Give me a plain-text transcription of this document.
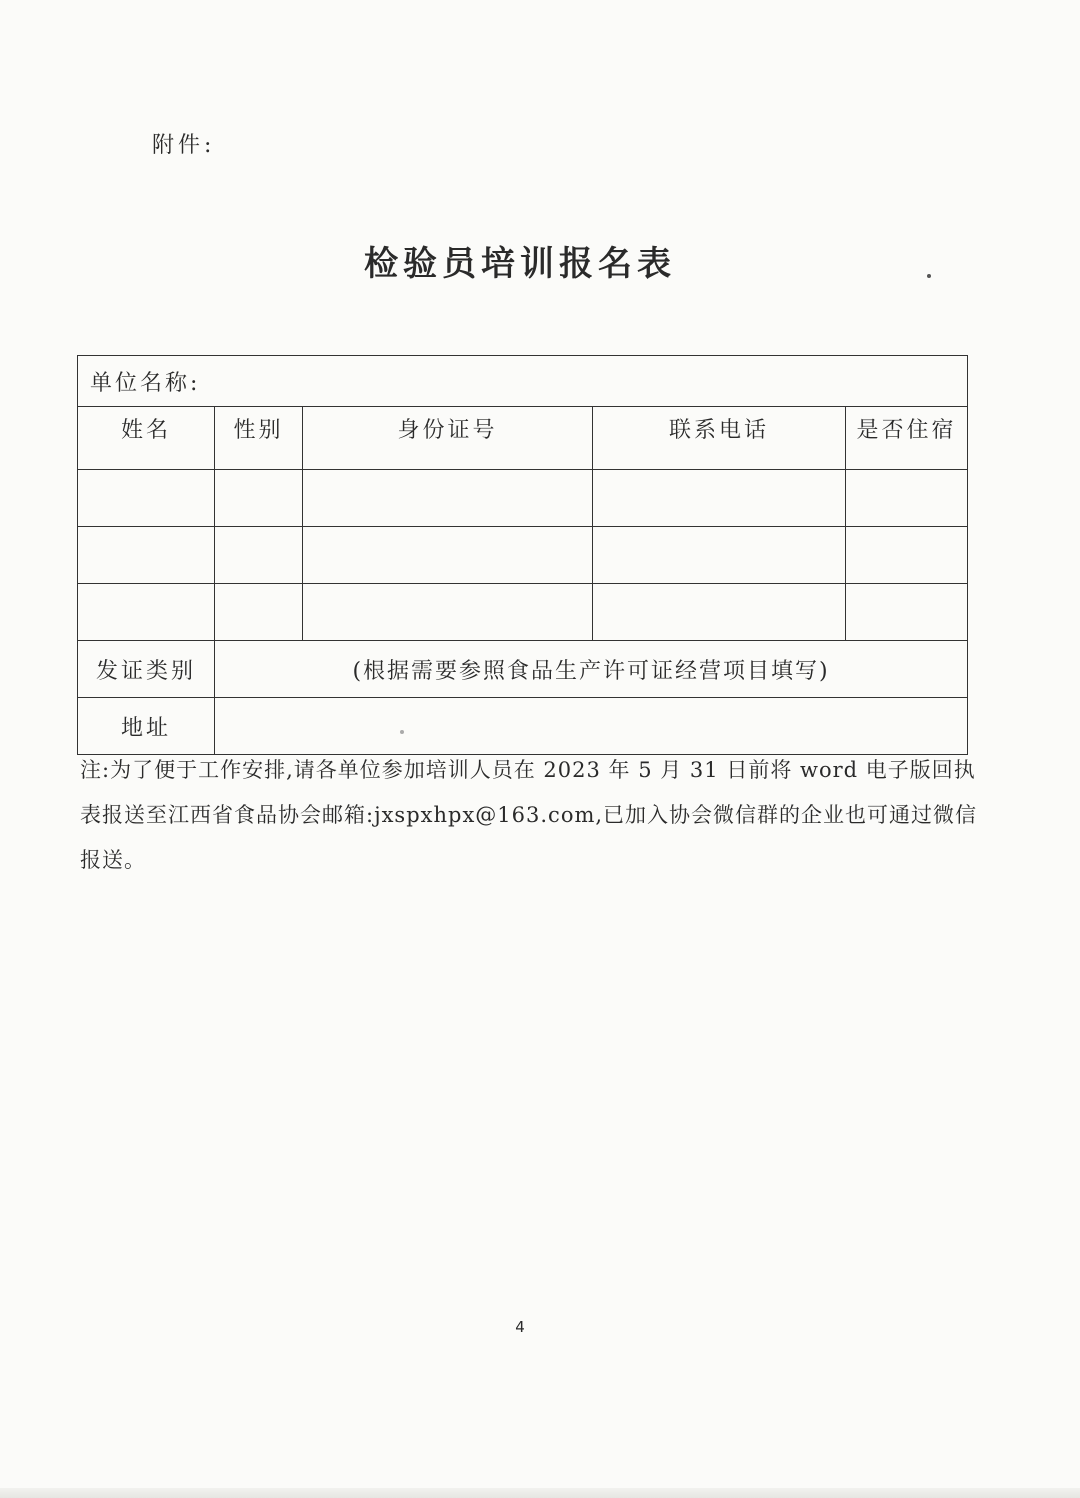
附件:
检验员培训报名表
单位名称:				
姓名	性别	身份证号	联系电话	是否住宿

发证类别	(根据需要参照食品生产许可证经营项目填写)			
地址				
注:为了便于工作安排,请各单位参加培训人员在 2023 年 5 月 31 日前将 word 电子版回执表报送至江西省食品协会邮箱:jxspxhpx@163.com,已加入协会微信群的企业也可通过微信报送。
4
